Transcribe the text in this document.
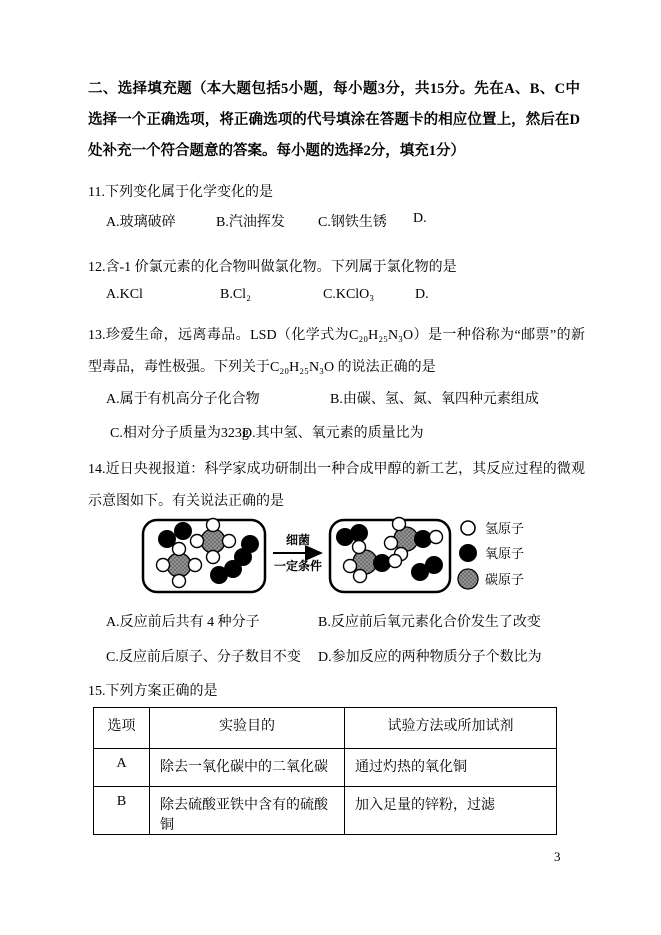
二、选择填充题（本大题包括5小题，每小题3分，共15分。先在A、B、C中选择一个正确选项，将正确选项的代号填涂在答题卡的相应位置上，然后在D处补充一个符合题意的答案。每小题的选择2分，填充1分）

11.下列变化属于化学变化的是

A.玻璃破碎	B.汽油挥发 C.钢铁生锈 D.

12.含-1 价氯元素的化合物叫做氯化物。下列属于氯化物的是

A.KCl	B.Cl₂	C.KClO₃	D.

13.珍爱生命，远离毒品。LSD（化学式为C₂₀H₂₅N₃O）是一种俗称为“邮票”的新型毒品，毒性极强。下列关于C₂₀H₂₅N₃O 的说法正确的是

A.属于有机高分子化合物	B.由碳、氢、氮、氧四种元素组成
C.相对分子质量为323g
D.其中氢、氧元素的质量比为

14.近日央视报道：科学家成功研制出一种合成甲醇的新工艺，其反应过程的微观示意图如下。有关说法正确的是

细菌
一定条件
氢原子
氧原子
碳原子
A.反应前后共有 4 种分子	B.反应前后氧元素化合价发生了改变
C.反应前后原子、分子数目不变 D.参加反应的两种物质分子个数比为

15.下列方案正确的是

选项	实验目的	试验方法或所加试剂
A	除去一氧化碳中的二氧化碳	通过灼热的氧化铜
B	除去硫酸亚铁中含有的硫酸铜	加入足量的锌粉，过滤
3
